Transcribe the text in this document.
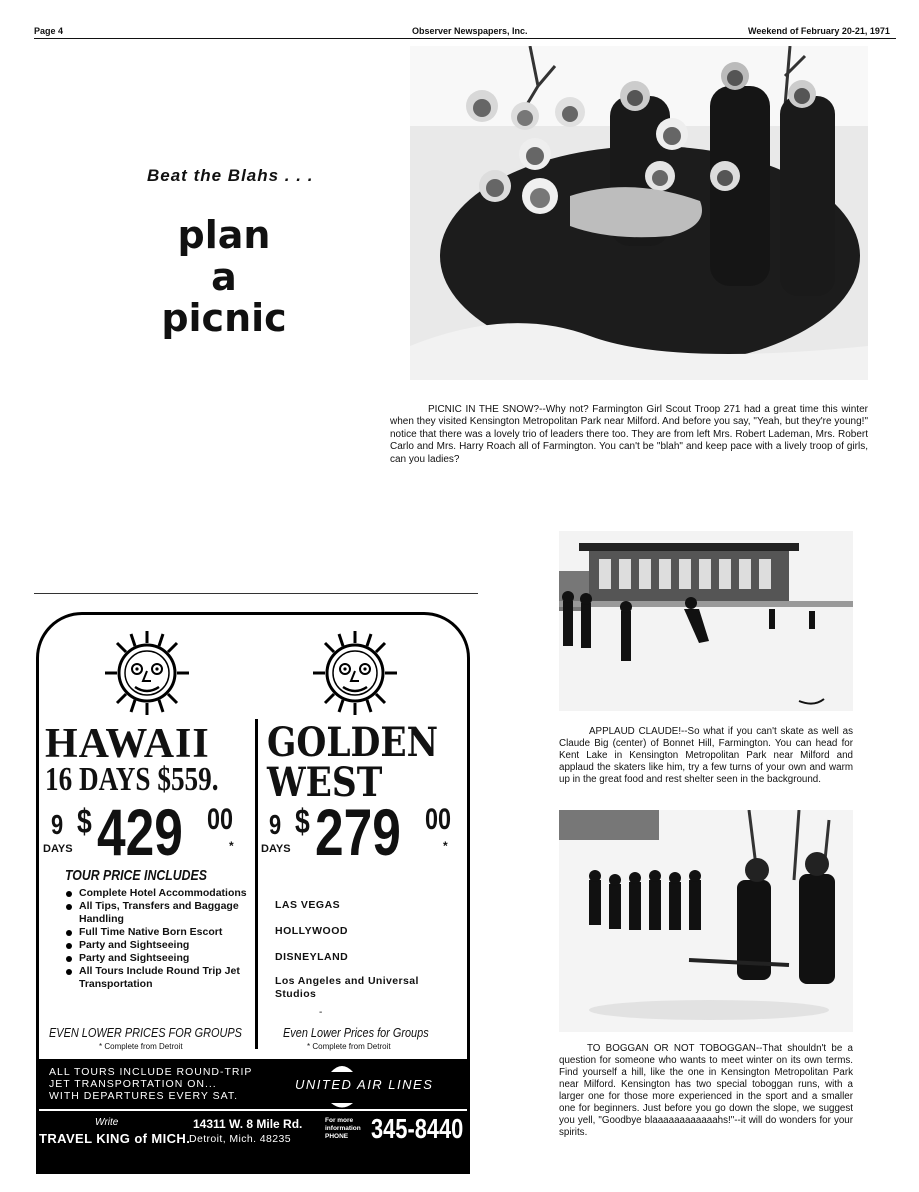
Page 4	Observer Newspapers, Inc.	Weekend of February 20-21, 1971
Beat the Blahs . . .
plan
a
picnic
PICNIC IN THE SNOW?--Why not? Farmington Girl Scout Troop 271 had a great time this winter when they visited Kensington Metropolitan Park near Milford. And before you say, "Yeah, but they're young!" notice that there was a lovely trio of leaders there too. They are from left Mrs. Robert Lademan, Mrs. Robert Carlo and Mrs. Harry Roach all of Farmington. You can't be "blah" and keep pace with a lively troop of girls, can you ladies?
APPLAUD CLAUDE!--So what if you can't skate as well as Claude Big (center) of Bonnet Hill, Farmington. You can head for Kent Lake in Kensington Metropolitan Park near Milford and applaud the skaters like him, try a few turns of your own and warm up in the great food and rest shelter seen in the background.
TO BOGGAN OR NOT TOBOGGAN--That shouldn't be a question for someone who wants to meet winter on its own terms. Find yourself a hill, like the one in Kensington Metropolitan Park near Milford. Kensington has two special toboggan runs, with a larger one for those more experienced in the sport and a smaller one for beginners. Just before you go down the slope, we suggest you yell, "Goodbye blaaaaaaaaaaaahs!"--it will do wonders for your spirits.
HAWAII
16 DAYS $559.
9
DAYS
$ 429 00
*
TOUR PRICE INCLUDES
Complete Hotel Accommodations
All Tips, Transfers and Baggage Handling
Full Time Native Born Escort
Party and Sightseeing
Party and Sightseeing
All Tours Include Round Trip Jet Transportation
EVEN LOWER PRICES FOR GROUPS
* Complete from Detroit
GOLDEN
WEST
9
DAYS
$ 279 00
*
LAS VEGAS
HOLLYWOOD
DISNEYLAND
Los Angeles and Universal Studios
-
Even Lower Prices for Groups
* Complete from Detroit
ALL TOURS INCLUDE ROUND-TRIP
JET TRANSPORTATION ON...
WITH DEPARTURES EVERY SAT.
UNITED AIR LINES
Write
TRAVEL KING of MICH.
14311 W. 8 Mile Rd.
Detroit, Mich. 48235
For more information PHONE 345-8440
